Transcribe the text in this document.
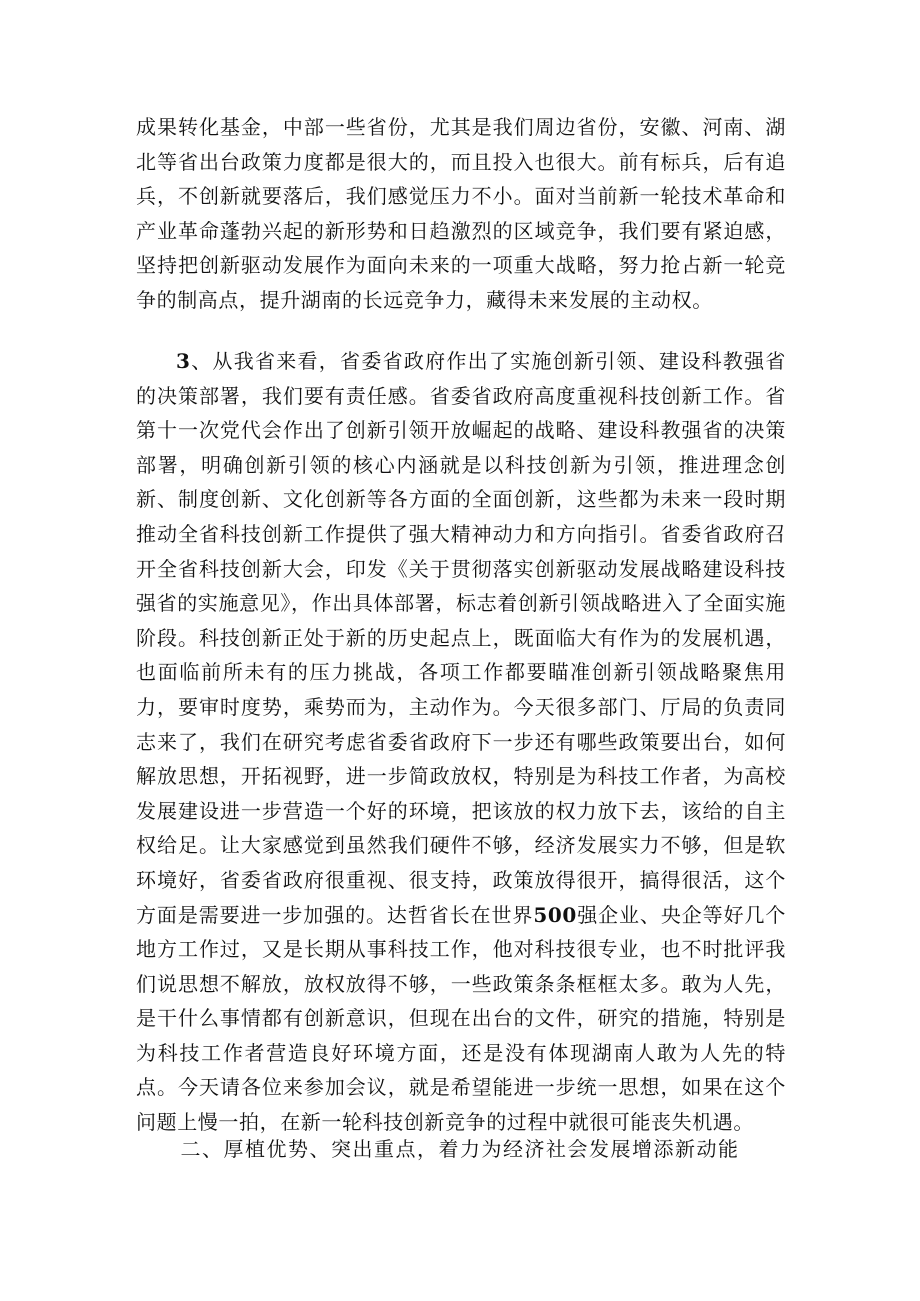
成果转化基金，中部一些省份，尤其是我们周边省份，安徽、河南、湖北等省出台政策力度都是很大的，而且投入也很大。前有标兵，后有追兵，不创新就要落后，我们感觉压力不小。面对当前新一轮技术革命和产业革命蓬勃兴起的新形势和日趋激烈的区域竞争，我们要有紧迫感，坚持把创新驱动发展作为面向未来的一项重大战略，努力抢占新一轮竞争的制高点，提升湖南的长远竞争力，藏得未来发展的主动权。

3、从我省来看，省委省政府作出了实施创新引领、建设科教强省的决策部署，我们要有责任感。省委省政府高度重视科技创新工作。省第十一次党代会作出了创新引领开放崛起的战略、建设科教强省的决策部署，明确创新引领的核心内涵就是以科技创新为引领，推进理念创新、制度创新、文化创新等各方面的全面创新，这些都为未来一段时期推动全省科技创新工作提供了强大精神动力和方向指引。省委省政府召开全省科技创新大会，印发《关于贯彻落实创新驱动发展战略建设科技强省的实施意见》，作出具体部署，标志着创新引领战略进入了全面实施阶段。科技创新正处于新的历史起点上，既面临大有作为的发展机遇，也面临前所未有的压力挑战，各项工作都要瞄准创新引领战略聚焦用力，要审时度势，乘势而为，主动作为。今天很多部门、厅局的负责同志来了，我们在研究考虑省委省政府下一步还有哪些政策要出台，如何解放思想，开拓视野，进一步简政放权，特别是为科技工作者，为高校发展建设进一步营造一个好的环境，把该放的权力放下去，该给的自主权给足。让大家感觉到虽然我们硬件不够，经济发展实力不够，但是软环境好，省委省政府很重视、很支持，政策放得很开，搞得很活，这个方面是需要进一步加强的。达哲省长在世界500强企业、央企等好几个地方工作过，又是长期从事科技工作，他对科技很专业，也不时批评我们说思想不解放，放权放得不够，一些政策条条框框太多。敢为人先，是干什么事情都有创新意识，但现在出台的文件，研究的措施，特别是为科技工作者营造良好环境方面，还是没有体现湖南人敢为人先的特点。今天请各位来参加会议，就是希望能进一步统一思想，如果在这个问题上慢一拍，在新一轮科技创新竞争的过程中就很可能丧失机遇。

二、厚植优势、突出重点，着力为经济社会发展增添新动能
